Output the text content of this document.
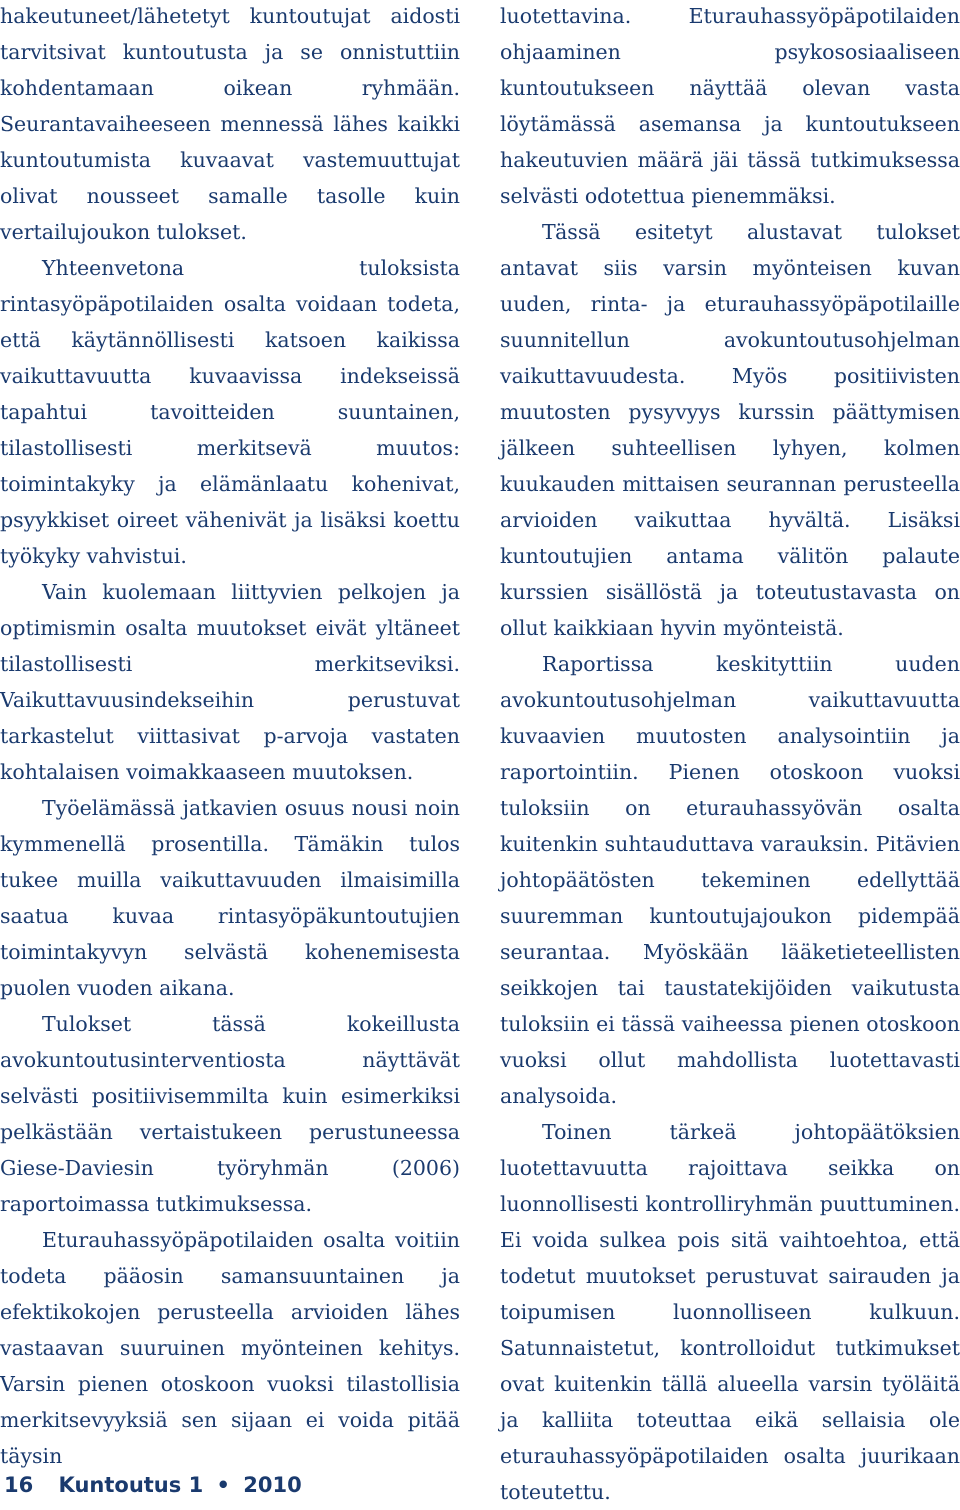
hakeutuneet/lähetetyt kuntoutujat aidosti tarvitsivat kuntoutusta ja se onnistuttiin kohdentamaan oikean ryhmään. Seurantavaiheeseen mennessä lähes kaikki kuntoutumista kuvaavat vastemuuttujat olivat nousseet samalle tasolle kuin vertailujoukon tulokset.

Yhteenvetona tuloksista rintasyöpäpotilaiden osalta voidaan todeta, että käytännöllisesti katsoen kaikissa vaikuttavuutta kuvaavissa indekseissä tapahtui tavoitteiden suuntainen, tilastollisesti merkitsevä muutos: toimintakyky ja elämänlaatu kohenivat, psyykkiset oireet vähenivät ja lisäksi koettu työkyky vahvistui.

Vain kuolemaan liittyvien pelkojen ja optimismin osalta muutokset eivät yltäneet tilastollisesti merkitseviksi. Vaikuttavuusindekseihin perustuvat tarkastelut viittasivat p-arvoja vastaten kohtalaisen voimakkaaseen muutoksen.

Työelämässä jatkavien osuus nousi noin kymmenellä prosentilla. Tämäkin tulos tukee muilla vaikuttavuuden ilmaisimilla saatua kuvaa rintasyöpäkuntoutujien toimintakyvyn selvästä kohenemisesta puolen vuoden aikana.

Tulokset tässä kokeillusta avokuntoutusinterventiosta näyttävät selvästi positiivisemmilta kuin esimerkiksi pelkästään vertaistukeen perustuneessa Giese-Daviesin työryhmän (2006) raportoimassa tutkimuksessa.

Eturauhassyöpäpotilaiden osalta voitiin todeta pääosin samansuuntainen ja efektikokojen perusteella arvioiden lähes vastaavan suuruinen myönteinen kehitys. Varsin pienen otoskoon vuoksi tilastollisia merkitsevyyksiä sen sijaan ei voida pitää täysin

luotettavina. Eturauhassyöpäpotilaiden ohjaaminen psykososiaaliseen kuntoutukseen näyttää olevan vasta löytämässä asemansa ja kuntoutukseen hakeutuvien määrä jäi tässä tutkimuksessa selvästi odotettua pienemmäksi.

Tässä esitetyt alustavat tulokset antavat siis varsin myönteisen kuvan uuden, rinta- ja eturauhassyöpäpotilaille suunnitellun avokuntoutusohjelman vaikuttavuudesta. Myös positiivisten muutosten pysyvyys kurssin päättymisen jälkeen suhteellisen lyhyen, kolmen kuukauden mittaisen seurannan perusteella arvioiden vaikuttaa hyvältä. Lisäksi kuntoutujien antama välitön palaute kurssien sisällöstä ja toteutustavasta on ollut kaikkiaan hyvin myönteistä.

Raportissa keskityttiin uuden avokuntoutusohjelman vaikuttavuutta kuvaavien muutosten analysointiin ja raportointiin. Pienen otoskoon vuoksi tuloksiin on eturauhassyövän osalta kuitenkin suhtauduttava varauksin. Pitävien johtopäätösten tekeminen edellyttää suuremman kuntoutujajoukon pidempää seurantaa. Myöskään lääketieteellisten seikkojen tai taustatekijöiden vaikutusta tuloksiin ei tässä vaiheessa pienen otoskoon vuoksi ollut mahdollista luotettavasti analysoida.

Toinen tärkeä johtopäätöksien luotettavuutta rajoittava seikka on luonnollisesti kontrolliryhmän puuttuminen. Ei voida sulkea pois sitä vaihtoehtoa, että todetut muutokset perustuvat sairauden ja toipumisen luonnolliseen kulkuun. Satunnaistetut, kontrolloidut tutkimukset ovat kuitenkin tällä alueella varsin työläitä ja kalliita toteuttaa eikä sellaisia ole eturauhassyöpäpotilaiden osalta juurikaan toteutettu.

16 Kuntoutus 1 • 2010
